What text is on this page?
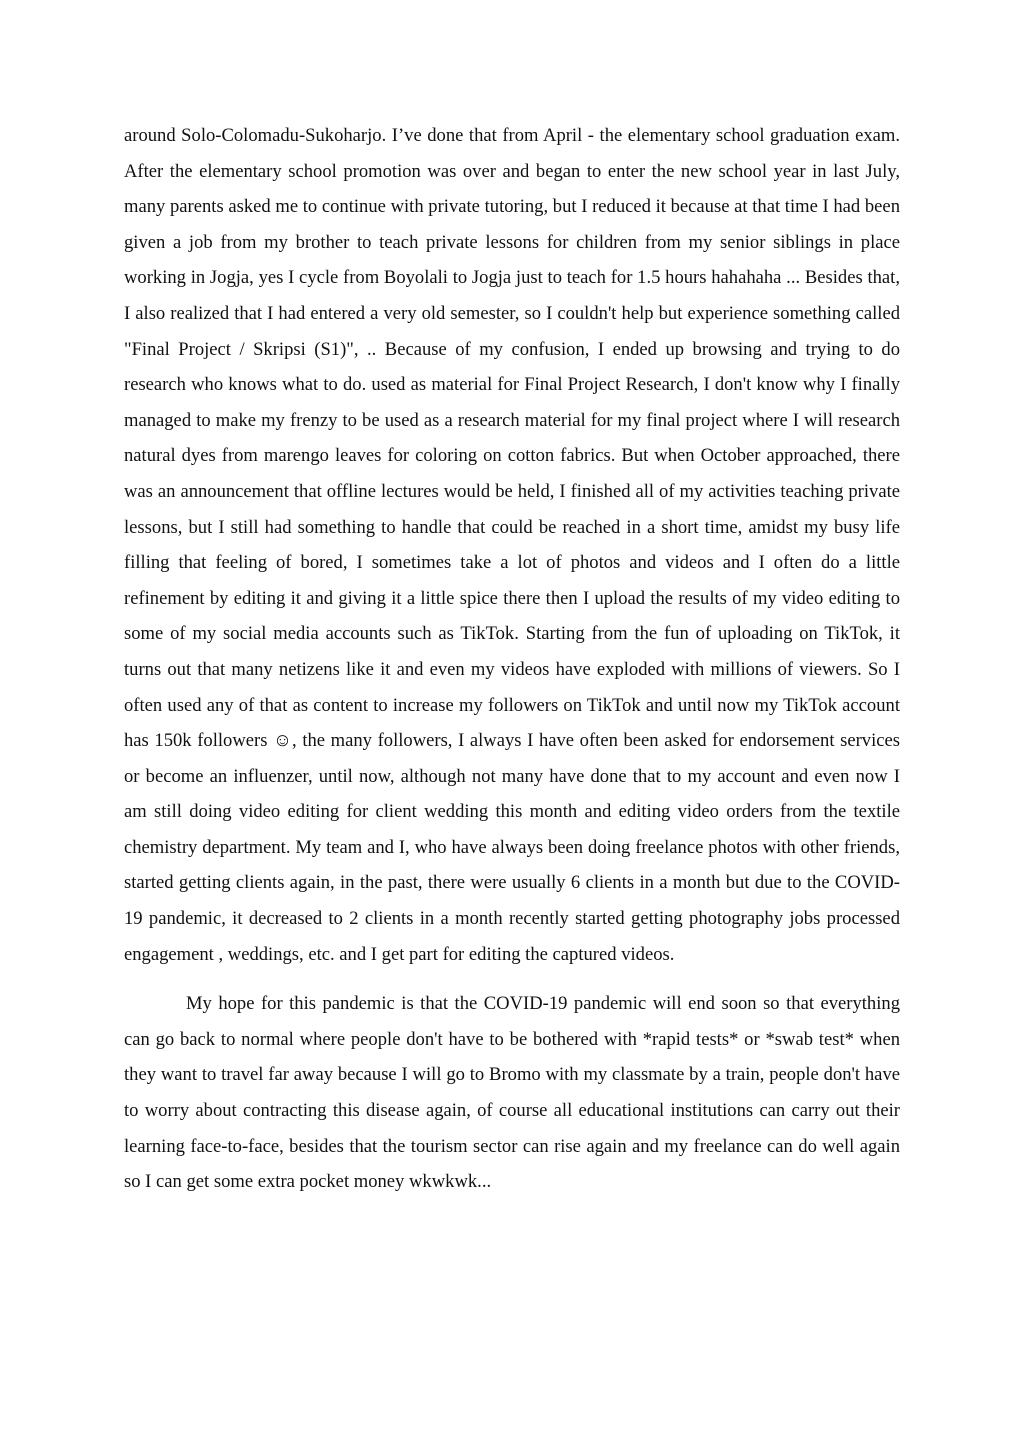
around Solo-Colomadu-Sukoharjo. I’ve done that from April - the elementary school graduation exam. After the elementary school promotion was over and began to enter the new school year in last July, many parents asked me to continue with private tutoring, but I reduced it because at that time I had been given a job from my brother to teach private lessons for children from my senior siblings in place working in Jogja, yes I cycle from Boyolali to Jogja just to teach for 1.5 hours hahahaha ... Besides that, I also realized that I had entered a very old semester, so I couldn't help but experience something called "Final Project / Skripsi (S1)", .. Because of my confusion, I ended up browsing and trying to do research who knows what to do. used as material for Final Project Research, I don't know why I finally managed to make my frenzy to be used as a research material for my final project where I will research natural dyes from marengo leaves for coloring on cotton fabrics. But when October approached, there was an announcement that offline lectures would be held, I finished all of my activities teaching private lessons, but I still had something to handle that could be reached in a short time, amidst my busy life filling that feeling of bored, I sometimes take a lot of photos and videos and I often do a little refinement by editing it and giving it a little spice there then I upload the results of my video editing to some of my social media accounts such as TikTok. Starting from the fun of uploading on TikTok, it turns out that many netizens like it and even my videos have exploded with millions of viewers. So I often used any of that as content to increase my followers on TikTok and until now my TikTok account has 150k followers ☺, the many followers, I always I have often been asked for endorsement services or become an influenzer, until now, although not many have done that to my account and even now I am still doing video editing for client wedding this month and editing video orders from the textile chemistry department. My team and I, who have always been doing freelance photos with other friends, started getting clients again, in the past, there were usually 6 clients in a month but due to the COVID-19 pandemic, it decreased to 2 clients in a month recently started getting photography jobs processed engagement , weddings, etc. and I get part for editing the captured videos.

My hope for this pandemic is that the COVID-19 pandemic will end soon so that everything can go back to normal where people don't have to be bothered with *rapid tests* or *swab test* when they want to travel far away because I will go to Bromo with my classmate by a train, people don't have to worry about contracting this disease again, of course all educational institutions can carry out their learning face-to-face, besides that the tourism sector can rise again and my freelance can do well again so I can get some extra pocket money wkwkwk...
